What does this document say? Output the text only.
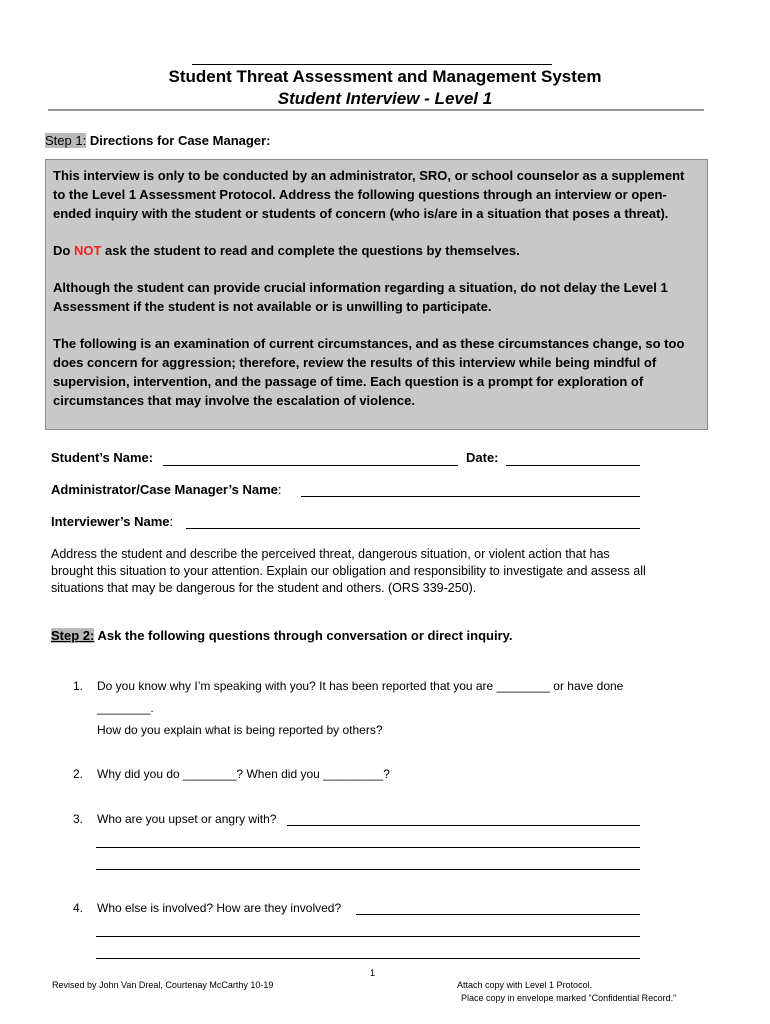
Student Threat Assessment and Management System
Student Interview - Level 1
Step 1: Directions for Case Manager:

This interview is only to be conducted by an administrator, SRO, or school counselor as a supplement to the Level 1 Assessment Protocol. Address the following questions through an interview or open-ended inquiry with the student or students of concern (who is/are in a situation that poses a threat).

Do NOT ask the student to read and complete the questions by themselves.

Although the student can provide crucial information regarding a situation, do not delay the Level 1 Assessment if the student is not available or is unwilling to participate.

The following is an examination of current circumstances, and as these circumstances change, so too does concern for aggression; therefore, review the results of this interview while being mindful of supervision, intervention, and the passage of time. Each question is a prompt for exploration of circumstances that may involve the escalation of violence.

Student’s Name:	Date:
Administrator/Case Manager’s Name:
Interviewer’s Name:
Address the student and describe the perceived threat, dangerous situation, or violent action that has brought this situation to your attention. Explain our obligation and responsibility to investigate and assess all situations that may be dangerous for the student and others. (ORS 339-250).
Step 2: Ask the following questions through conversation or direct inquiry.
1. Do you know why I’m speaking with you? It has been reported that you are ________ or have done
________.
How do you explain what is being reported by others?
2. Why did you do ________? When did you _________?
3. Who are you upset or angry with?
4. Who else is involved? How are they involved?
1
Revised by John Van Dreal, Courtenay McCarthy 10-19	Attach copy with Level 1 Protocol.
Place copy in envelope marked “Confidential Record.”
